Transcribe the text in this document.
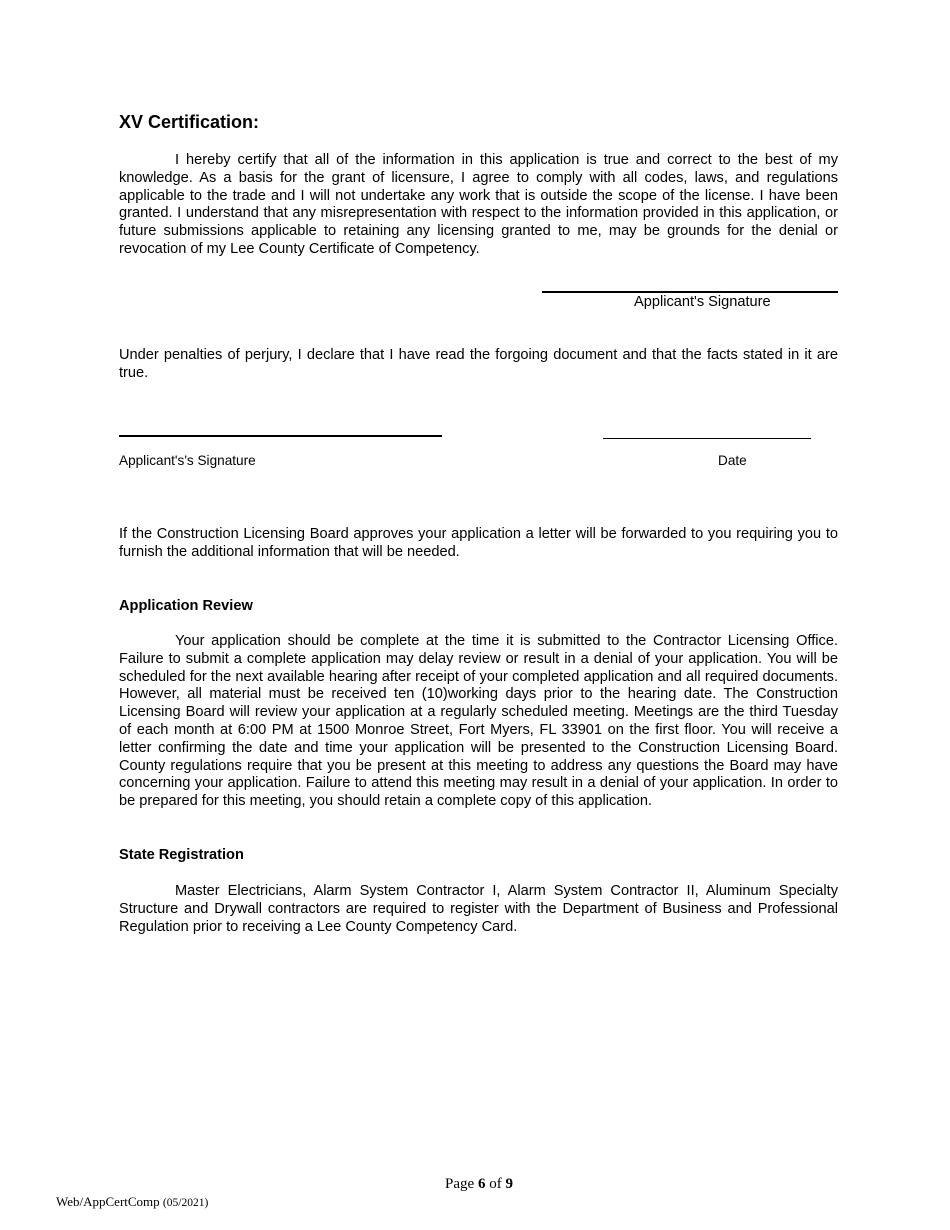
XV Certification:

I hereby certify that all of the information in this application is true and correct to the best of my knowledge. As a basis for the grant of licensure, I agree to comply with all codes, laws, and regulations applicable to the trade and I will not undertake any work that is outside the scope of the license. I have been granted. I understand that any misrepresentation with respect to the information provided in this application, or future submissions applicable to retaining any licensing granted to me, may be grounds for the denial or revocation of my Lee County Certificate of Competency.

Applicant's Signature

Under penalties of perjury, I declare that I have read the forgoing document and that the facts stated in it are true.

Applicant's's Signature	Date

If the Construction Licensing Board approves your application a letter will be forwarded to you requiring you to furnish the additional information that will be needed.

Application Review

Your application should be complete at the time it is submitted to the Contractor Licensing Office. Failure to submit a complete application may delay review or result in a denial of your application. You will be scheduled for the next available hearing after receipt of your completed application and all required documents. However, all material must be received ten (10)working days prior to the hearing date. The Construction Licensing Board will review your application at a regularly scheduled meeting. Meetings are the third Tuesday of each month at 6:00 PM at 1500 Monroe Street, Fort Myers, FL 33901 on the first floor. You will receive a letter confirming the date and time your application will be presented to the Construction Licensing Board. County regulations require that you be present at this meeting to address any questions the Board may have concerning your application. Failure to attend this meeting may result in a denial of your application. In order to be prepared for this meeting, you should retain a complete copy of this application.

State Registration

Master Electricians, Alarm System Contractor I, Alarm System Contractor II, Aluminum Specialty Structure and Drywall contractors are required to register with the Department of Business and Professional Regulation prior to receiving a Lee County Competency Card.

Page 6 of 9
Web/AppCertComp (05/2021)
